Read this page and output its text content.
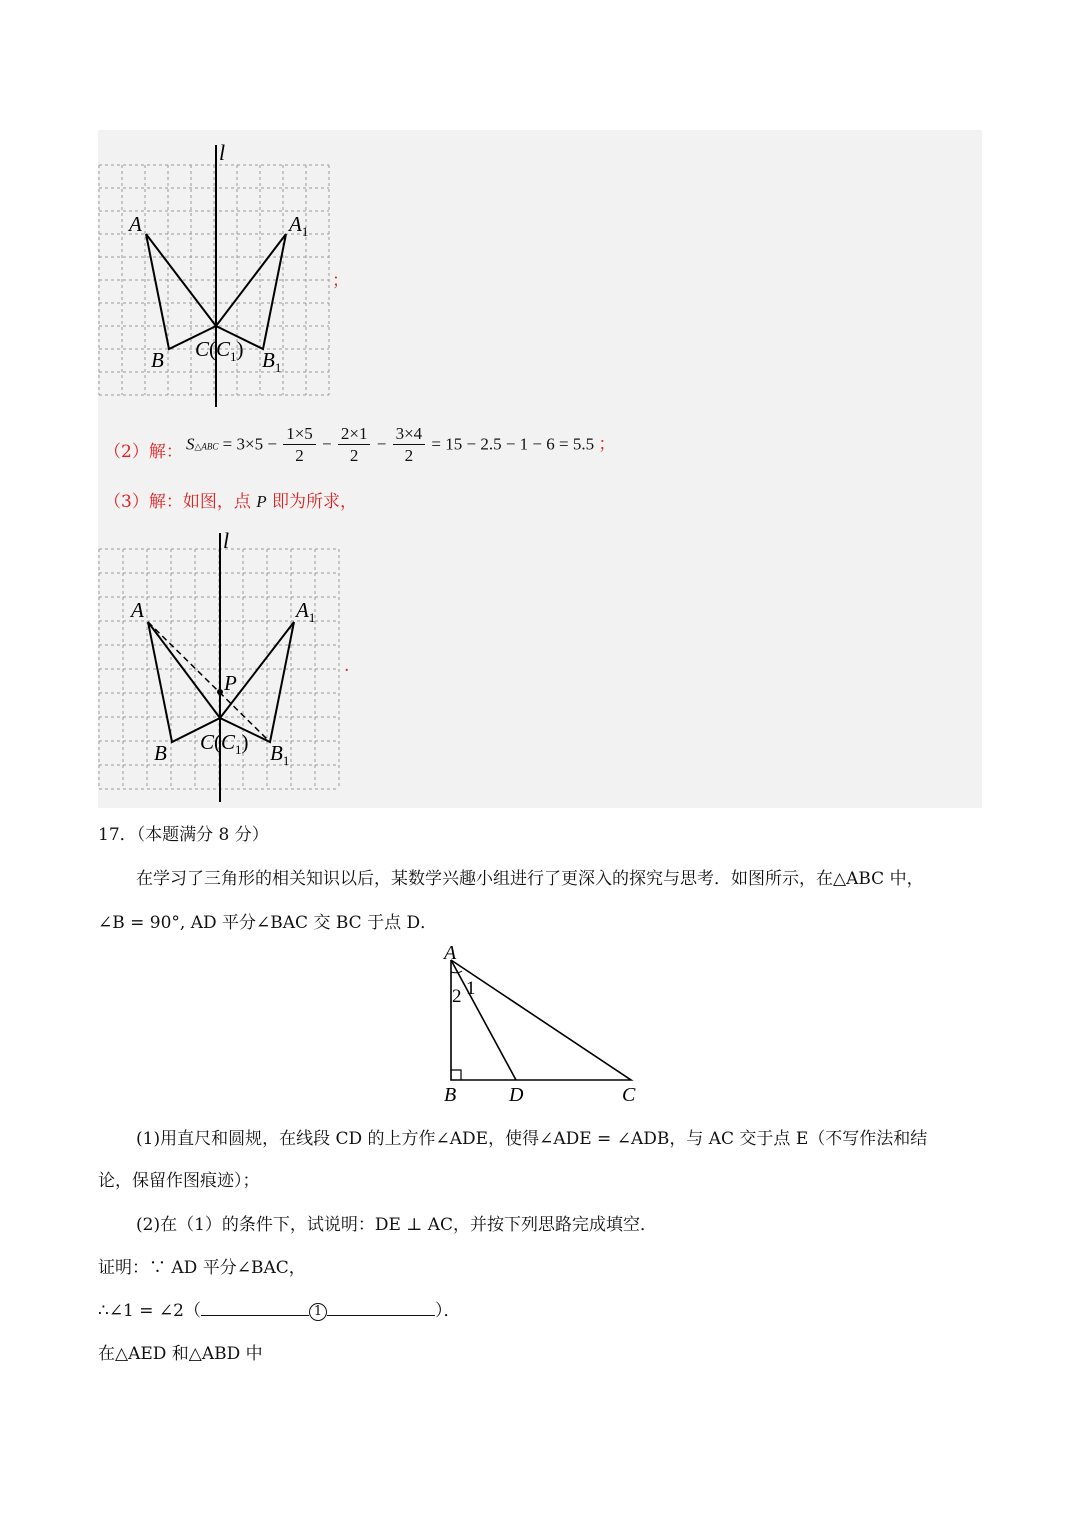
l
A	$A_1$
B	$B_1$
$C(C_1)$
；
（2）解： S△ABC = $3\times 5 - \frac{1\times 5}{2} - \frac{2\times 1}{2} - \frac{3\times 4}{2} = 15 - 2.5 - 1 - 6 = 5.5$ ；
（3）解：如图，点 P 即为所求，
l
A	$A_1$
P
B	$B_1$
$C(C_1)$
.
17．（本题满分 8 分）
在学习了三角形的相关知识以后，某数学兴趣小组进行了更深入的探究与思考．如图所示，在△ABC 中，
∠B = 90°, AD 平分∠BAC 交 BC 于点 D．
A
2 1
B	D	C
(1)用直尺和圆规，在线段 CD 的上方作∠ADE，使得∠ADE = ∠ADB，与 AC 交于点 E（不写作法和结
论，保留作图痕迹）；
(2)在（1）的条件下，试说明：DE ⊥ AC，并按下列思路完成填空．
证明：∵ AD 平分∠BAC，
∴∠1 = ∠2（	1	）．
在△AED 和△ABD 中
